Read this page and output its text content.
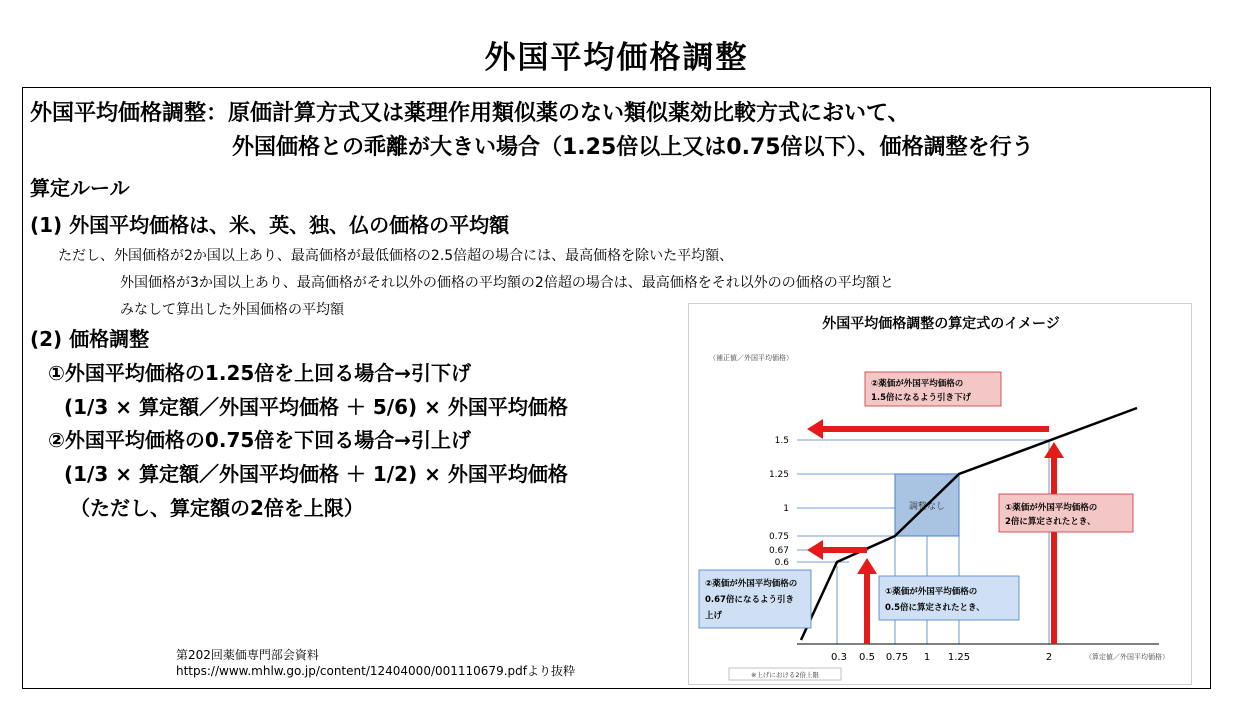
外国平均価格調整
外国平均価格調整：原価計算方式又は薬理作用類似薬のない類似薬効比較方式において、
外国価格との乖離が大きい場合（1.25倍以上又は0.75倍以下）、価格調整を行う
算定ルール
(1) 外国平均価格は、米、英、独、仏の価格の平均額
ただし、外国価格が2か国以上あり、最高価格が最低価格の2.5倍超の場合には、最高価格を除いた平均額、
外国価格が3か国以上あり、最高価格がそれ以外の価格の平均額の2倍超の場合は、最高価格をそれ以外のの価格の平均額と
みなして算出した外国価格の平均額
(2) 価格調整
①外国平均価格の1.25倍を上回る場合→引下げ
(1/3 × 算定額／外国平均価格 ＋ 5/6) × 外国平均価格
②外国平均価格の0.75倍を下回る場合→引上げ
(1/3 × 算定額／外国平均価格 ＋ 1/2) × 外国平均価格
（ただし、算定額の2倍を上限）
第202回薬価専門部会資料
https://www.mhlw.go.jp/content/12404000/001110679.pdfより抜粋
外国平均価格調整の算定式のイメージ
（補正値／外国平均価格）
（算定値／外国平均価格）
調整なし
1.5
1.25
1
0.75
0.67
0.6
0.3 0.5 0.75 1 1.25	2
②薬価が外国平均価格の
1.5倍になるよう引き下げ
①薬価が外国平均価格の
2倍に算定されたとき、
②薬価が外国平均価格の
0.67倍になるよう引き
上げ
①薬価が外国平均価格の
0.5倍に算定されたとき、
※上げにおける2倍上限
